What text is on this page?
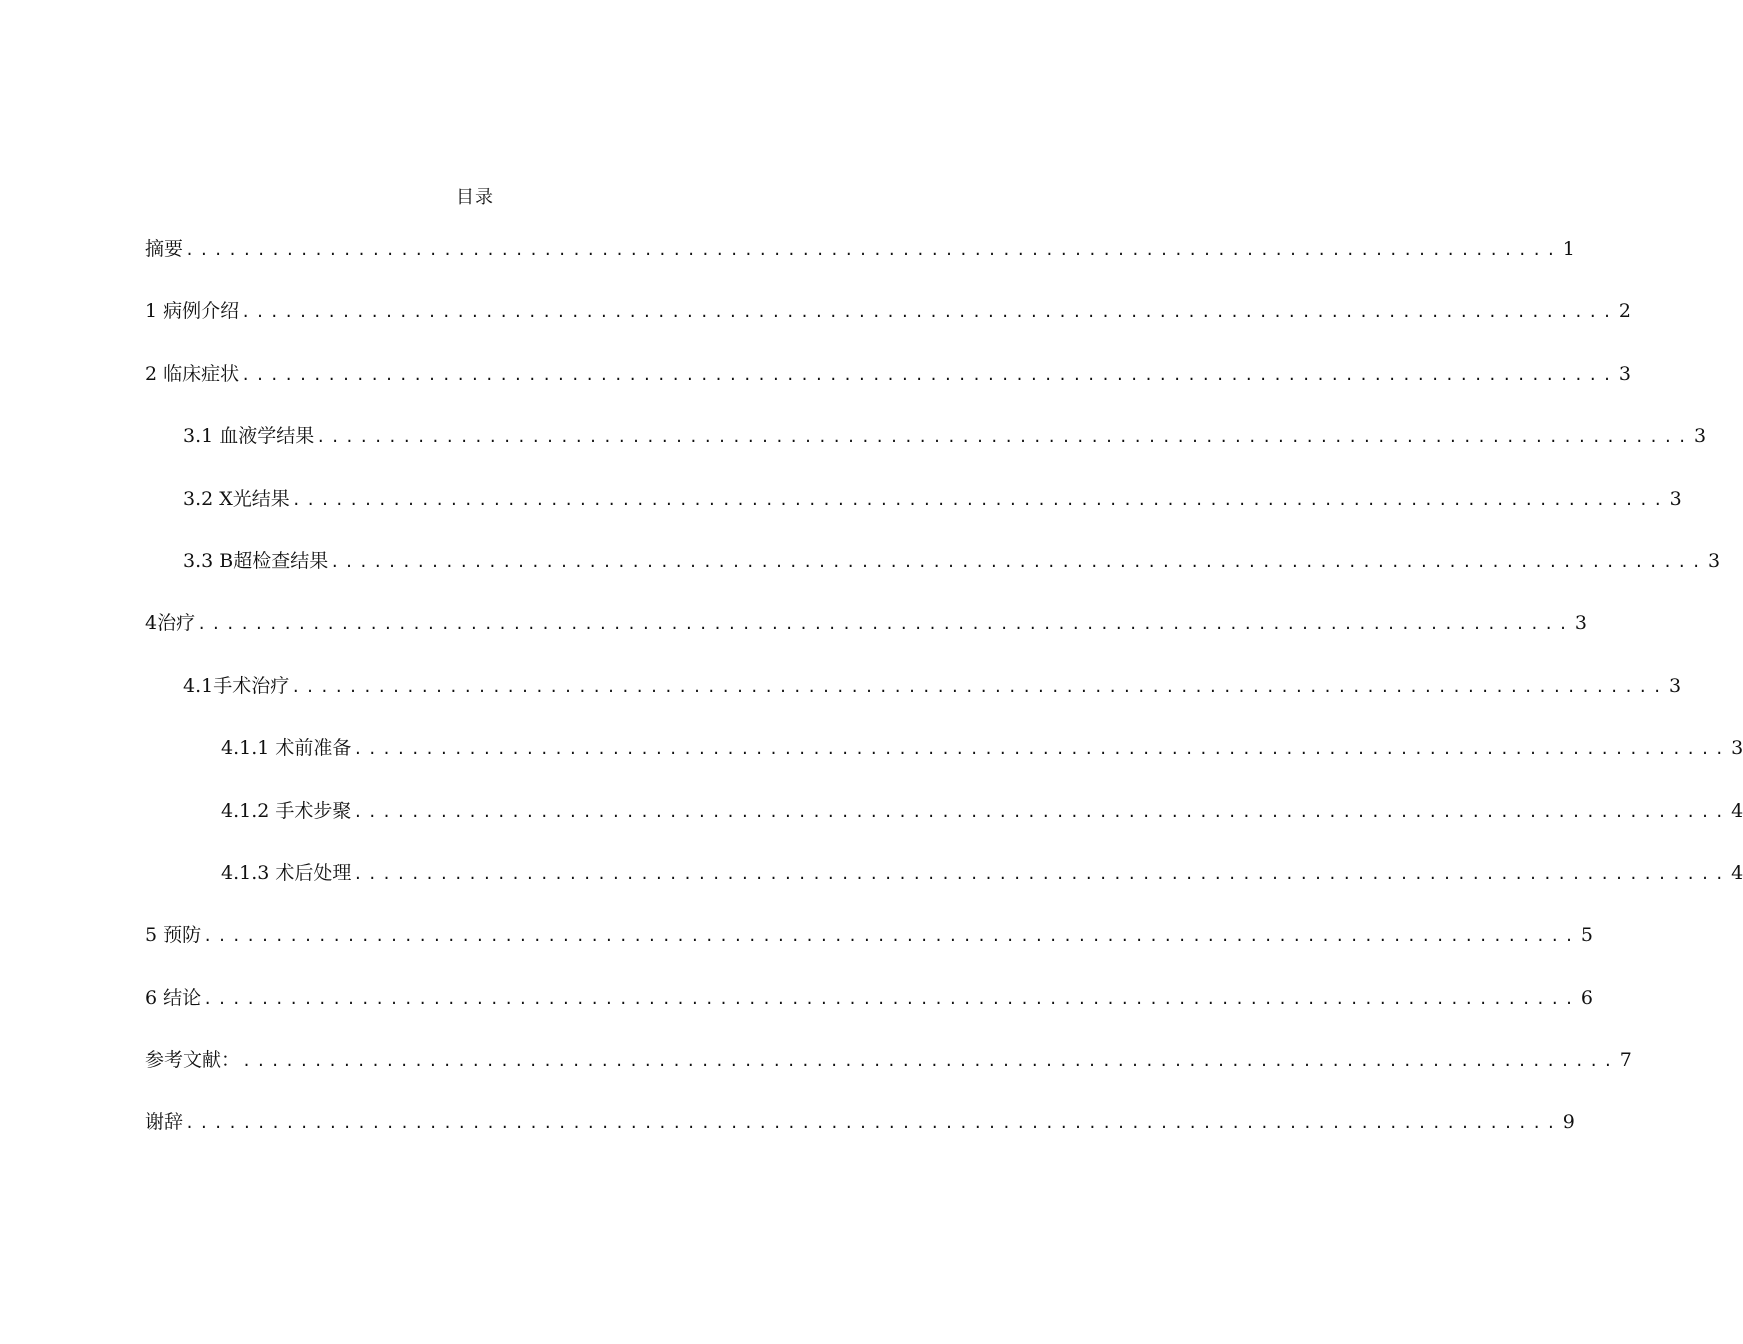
目录
摘要 ................................................................................................ 1
1 病例介绍 ................................................................................................ 2
2 临床症状 ................................................................................................ 3
3.1 血液学结果 ................................................................................................ 3
3.2 X光结果 ................................................................................................ 3
3.3 B超检查结果 ................................................................................................ 3
4治疗 ................................................................................................ 3
4.1手术治疗 ................................................................................................ 3
4.1.1 术前准备 ................................................................................................ 3
4.1.2 手术步聚 ................................................................................................ 4
4.1.3 术后处理 ................................................................................................ 4
5 预防 ................................................................................................ 5
6 结论 ................................................................................................ 6
参考文献： ................................................................................................ 7
谢辞 ................................................................................................ 9
